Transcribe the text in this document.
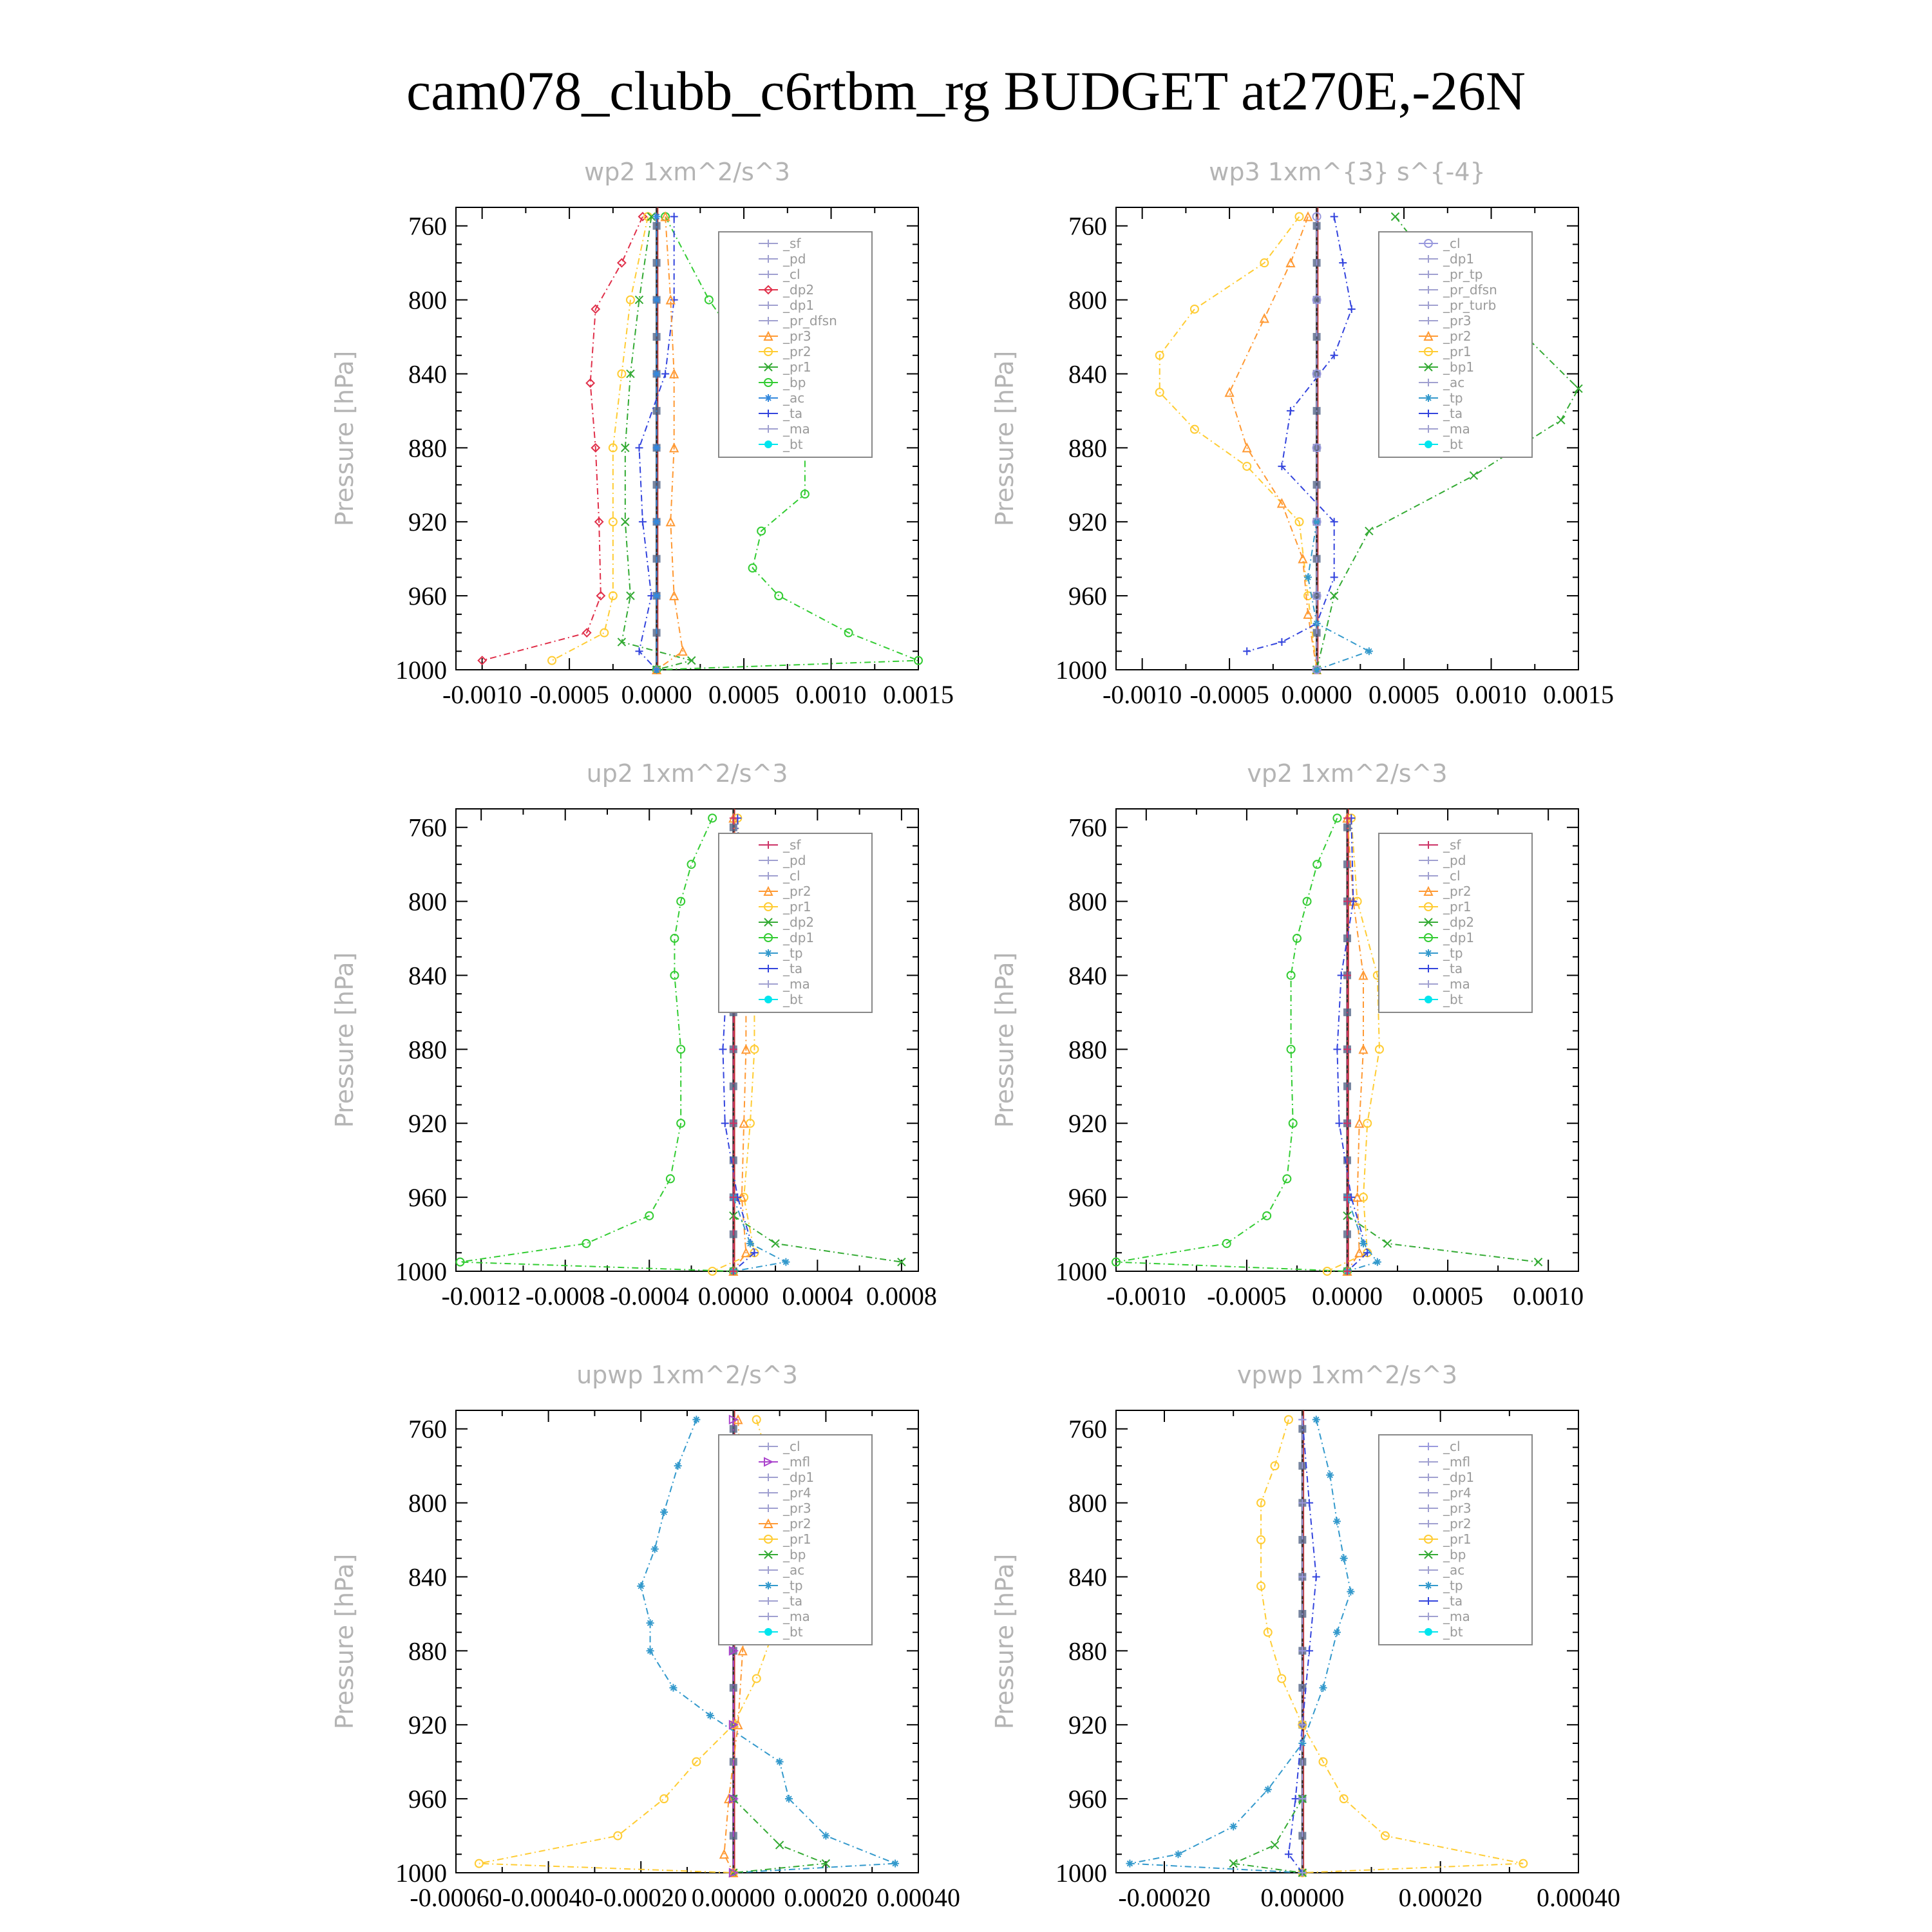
cam078_clubb_c6rtbm_rg BUDGET at270E,-26N
wp2 1xm^2/s^3
Pressure [hPa]
760
800
840
880
920
960
1000
-0.0010 -0.0005 0.0000 0.0005 0.0010 0.0015
_sf
_pd
_cl
_dp2
_dp1
_pr_dfsn
_pr3
_pr2
_pr1
_bp
_ac
_ta
_ma
_bt
wp3 1xm^{3} s^{-4}
Pressure [hPa]
760
800
840
880
920
960
1000
-0.0010 -0.0005 0.0000 0.0005 0.0010 0.0015
_cl
_dp1
_pr_tp
_pr_dfsn
_pr_turb
_pr3
_pr2
_pr1
_bp1
_ac
_tp
_ta
_ma
_bt
up2 1xm^2/s^3
Pressure [hPa]
760
800
840
880
920
960
1000
-0.0012 -0.0008 -0.0004 0.0000 0.0004 0.0008
_sf
_pd
_cl
_pr2
_pr1
_dp2
_dp1
_tp
_ta
_ma
_bt
vp2 1xm^2/s^3
Pressure [hPa]
760
800
840
880
920
960
1000
-0.0010 -0.0005 0.0000 0.0005 0.0010
_sf
_pd
_cl
_pr2
_pr1
_dp2
_dp1
_tp
_ta
_ma
_bt
upwp 1xm^2/s^3
Pressure [hPa]
760
800
840
880
920
960
1000
-0.00060 -0.00040 -0.00020 0.00000 0.00020 0.00040
_cl
_mfl
_dp1
_pr4
_pr3
_pr2
_pr1
_bp
_ac
_tp
_ta
_ma
_bt
vpwp 1xm^2/s^3
Pressure [hPa]
760
800
840
880
920
960
1000
-0.00020 0.00000 0.00020 0.00040
_cl
_mfl
_dp1
_pr4
_pr3
_pr2
_pr1
_bp
_ac
_tp
_ta
_ma
_bt
